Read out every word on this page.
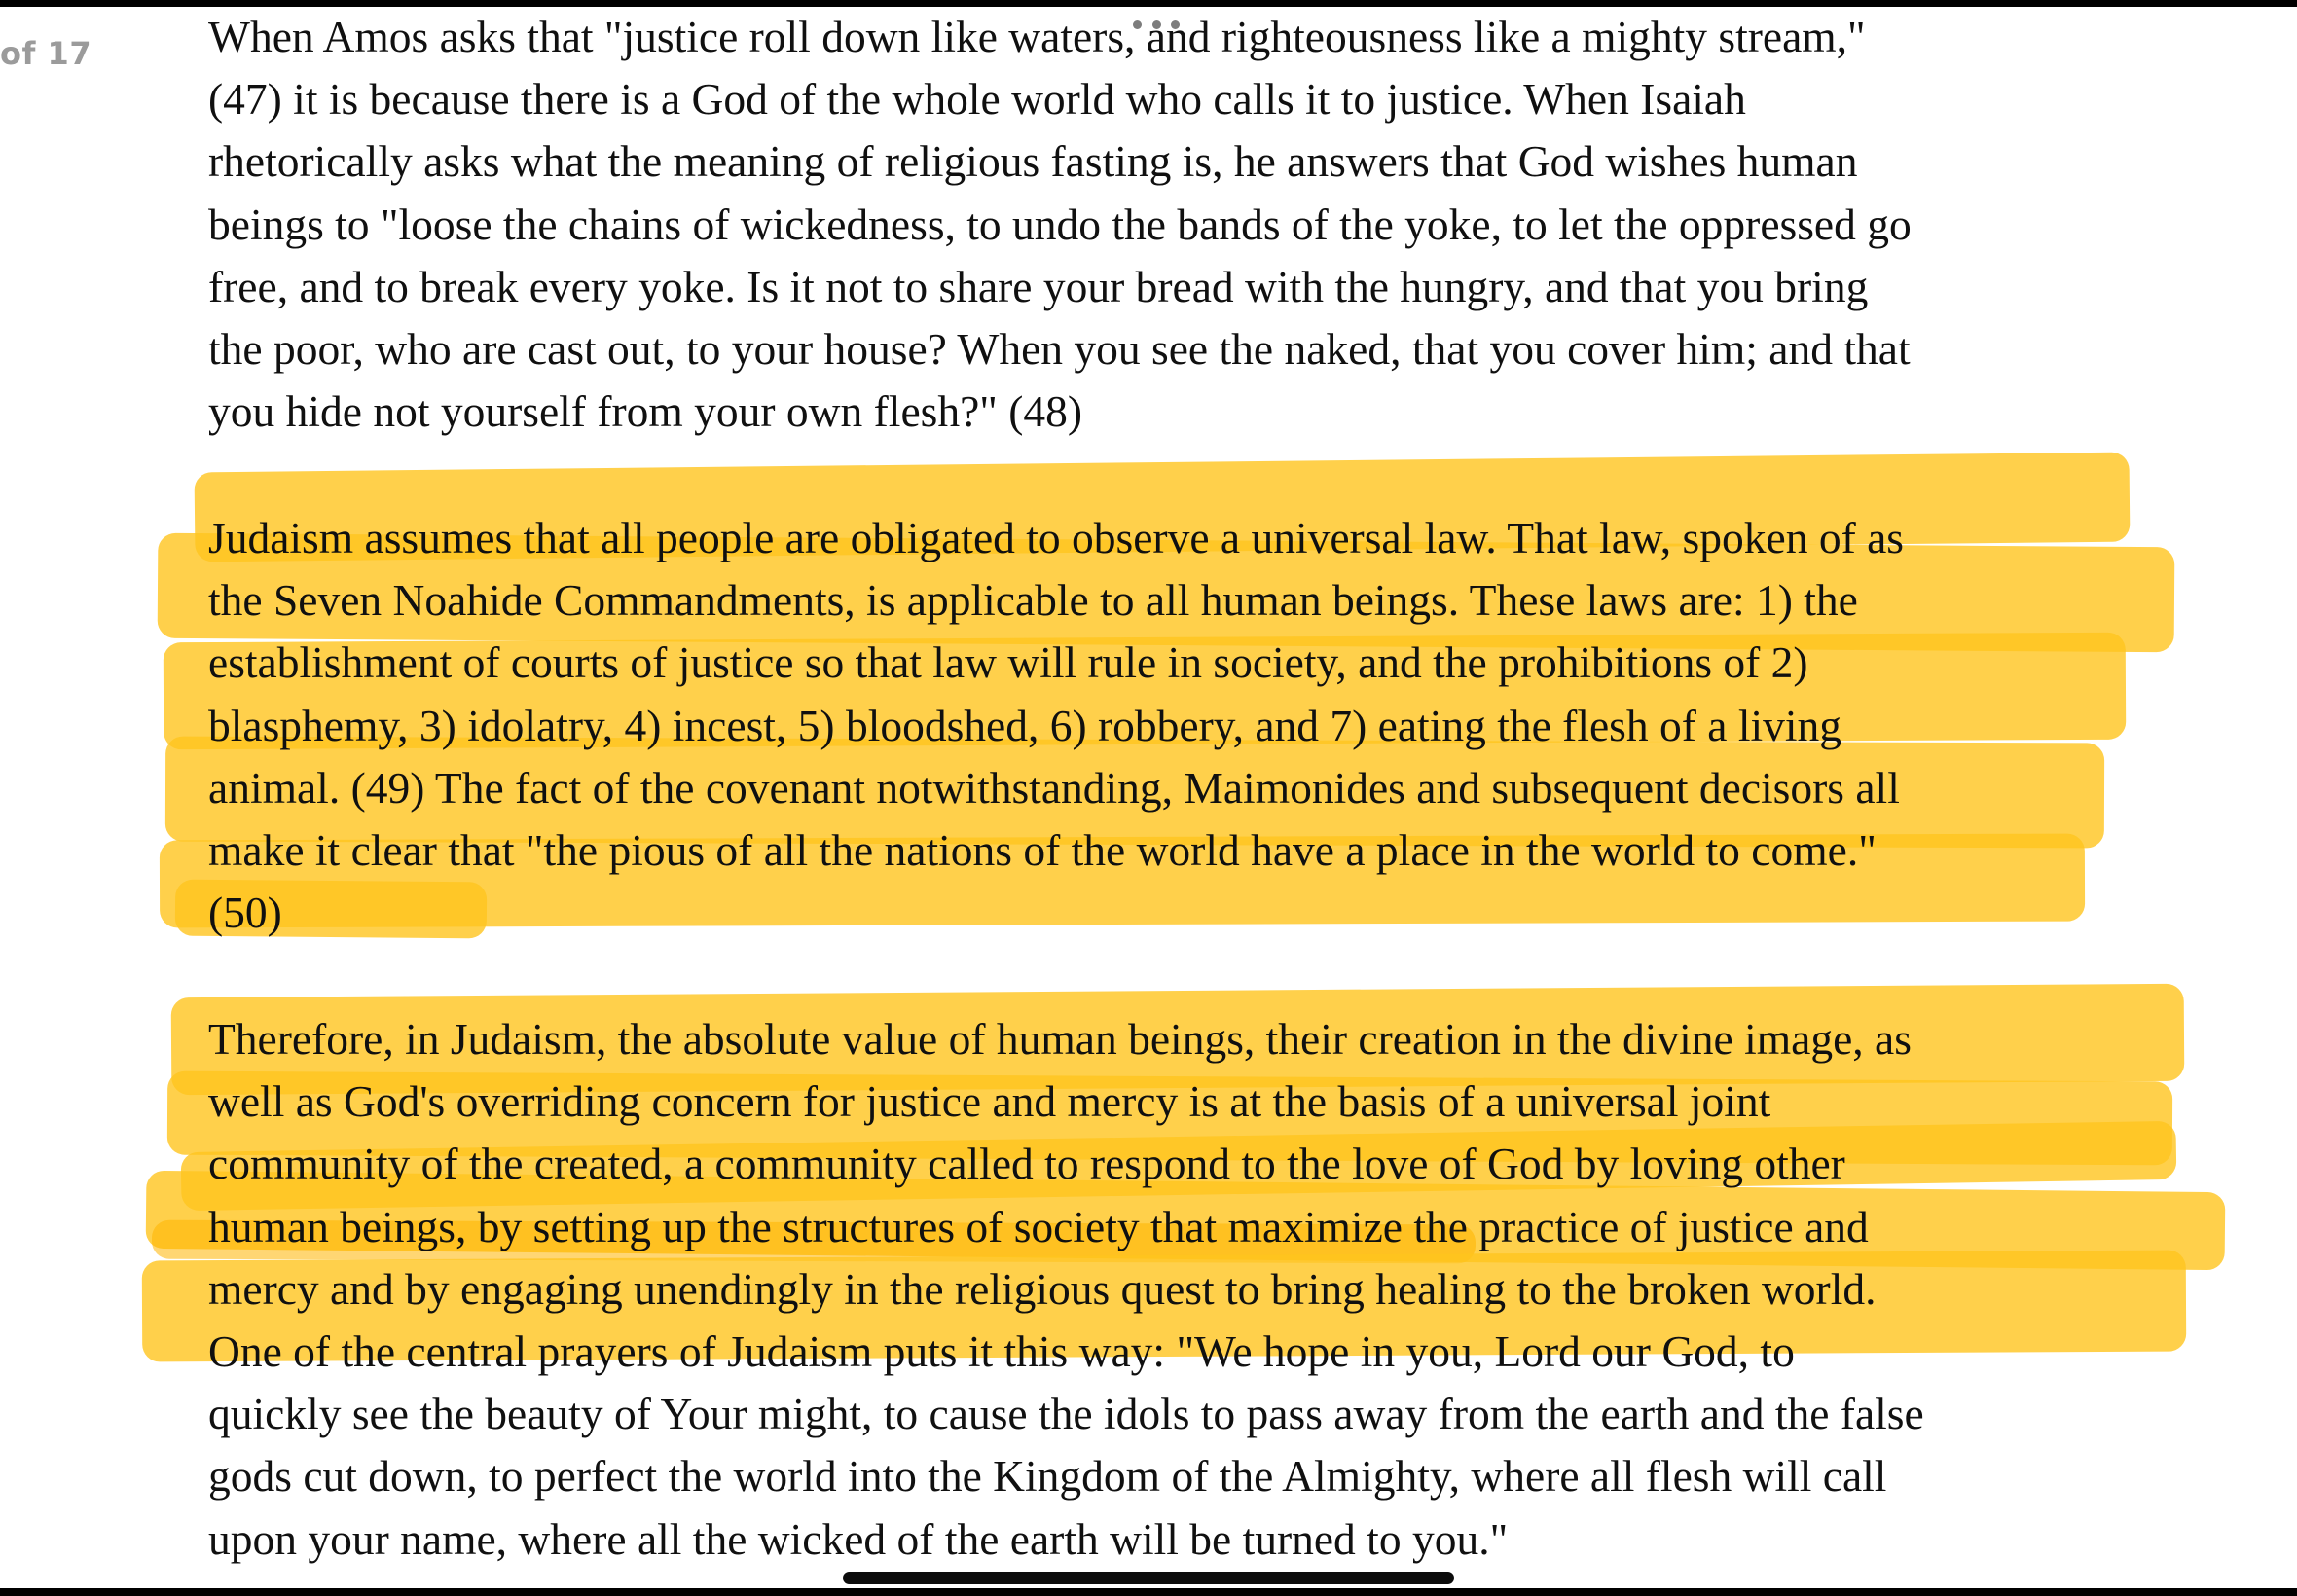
of 17	When Amos asks that "justice roll down like waters, and righteousness like a mighty stream,"
(47) it is because there is a God of the whole world who calls it to justice. When Isaiah
rhetorically asks what the meaning of religious fasting is, he answers that God wishes human
beings to "loose the chains of wickedness, to undo the bands of the yoke, to let the oppressed go
free, and to break every yoke. Is it not to share your bread with the hungry, and that you bring
the poor, who are cast out, to your house? When you see the naked, that you cover him; and that
you hide not yourself from your own flesh?" (48)

Judaism assumes that all people are obligated to observe a universal law. That law, spoken of as
the Seven Noahide Commandments, is applicable to all human beings. These laws are: 1) the
establishment of courts of justice so that law will rule in society, and the prohibitions of 2)
blasphemy, 3) idolatry, 4) incest, 5) bloodshed, 6) robbery, and 7) eating the flesh of a living
animal. (49) The fact of the covenant notwithstanding, Maimonides and subsequent decisors all
make it clear that "the pious of all the nations of the world have a place in the world to come."
(50)

Therefore, in Judaism, the absolute value of human beings, their creation in the divine image, as
well as God's overriding concern for justice and mercy is at the basis of a universal joint
community of the created, a community called to respond to the love of God by loving other
human beings, by setting up the structures of society that maximize the practice of justice and
mercy and by engaging unendingly in the religious quest to bring healing to the broken world.
One of the central prayers of Judaism puts it this way: "We hope in you, Lord our God, to
quickly see the beauty of Your might, to cause the idols to pass away from the earth and the false
gods cut down, to perfect the world into the Kingdom of the Almighty, where all flesh will call
upon your name, where all the wicked of the earth will be turned to you."
